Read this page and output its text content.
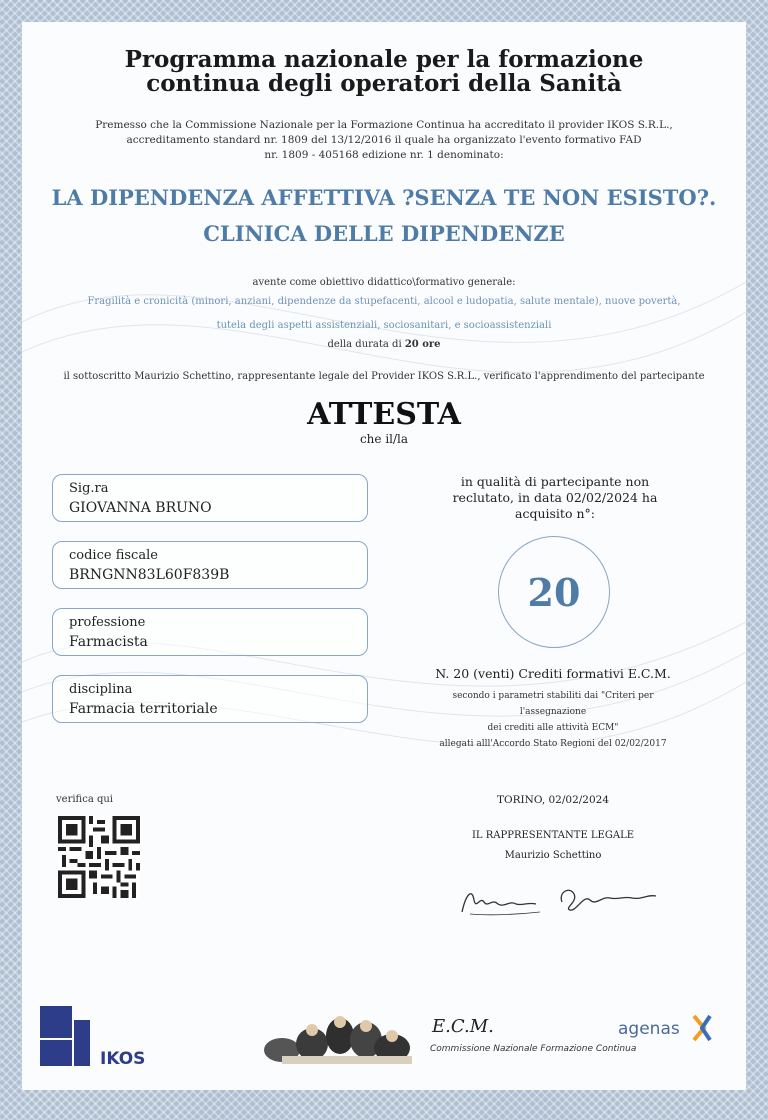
Programma nazionale per la formazione
continua degli operatori della Sanità
Premesso che la Commissione Nazionale per la Formazione Continua ha accreditato il provider IKOS S.R.L.,
accreditamento standard nr. 1809 del 13/12/2016 il quale ha organizzato l'evento formativo FAD
nr. 1809 - 405168 edizione nr. 1 denominato:
LA DIPENDENZA AFFETTIVA ?SENZA TE NON ESISTO?.
CLINICA DELLE DIPENDENZE
avente come obiettivo didattico\formativo generale:
Fragilità e cronicità (minori, anziani, dipendenze da stupefacenti, alcool e ludopatia, salute mentale), nuove povertà,
tutela degli aspetti assistenziali, sociosanitari, e socioassistenziali
della durata di 20 ore
il sottoscritto Maurizio Schettino, rappresentante legale del Provider IKOS S.R.L., verificato l'apprendimento del partecipante
ATTESTA
che il/la
Sig.ra
GIOVANNA BRUNO
codice fiscale
BRNGNN83L60F839B
professione
Farmacista
disciplina
Farmacia territoriale
in qualità di partecipante non
reclutato, in data 02/02/2024 ha
acquisito n°:
20
N. 20 (venti) Crediti formativi E.C.M.
secondo i parametri stabiliti dai "Criteri per
l'assegnazione
dei crediti alle attività ECM"
allegati alll'Accordo Stato Regioni del 02/02/2017
verifica qui	TORINO, 02/02/2024
IL RAPPRESENTANTE LEGALE
Maurizio Schettino
IKOS
E.C.M.
Commissione Nazionale Formazione Continua
agenas
